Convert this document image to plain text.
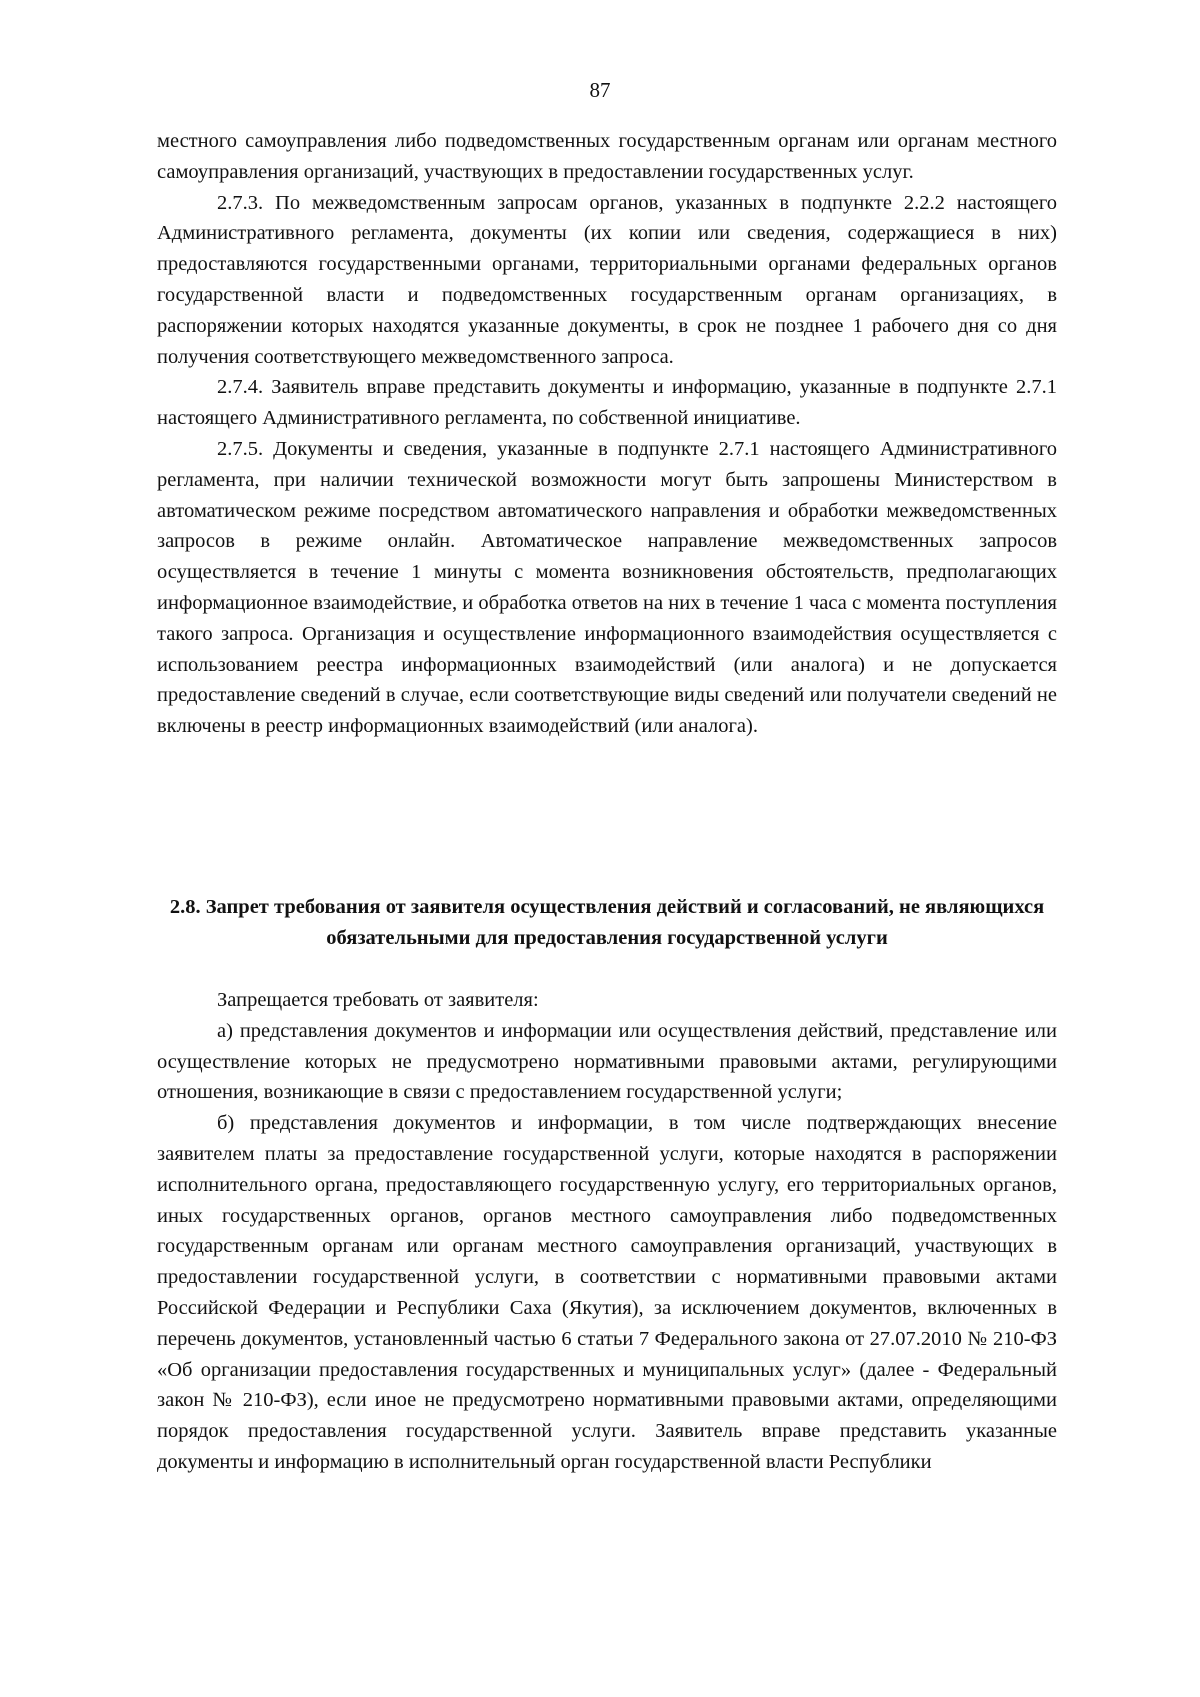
87

местного самоуправления либо подведомственных государственным органам или органам местного самоуправления организаций, участвующих в предоставлении государственных услуг.

2.7.3. По межведомственным запросам органов, указанных в подпункте 2.2.2 настоящего Административного регламента, документы (их копии или сведения, содержащиеся в них) предоставляются государственными органами, территориальными органами федеральных органов государственной власти и подведомственных государственным органам организациях, в распоряжении которых находятся указанные документы, в срок не позднее 1 рабочего дня со дня получения соответствующего межведомственного запроса.

2.7.4. Заявитель вправе представить документы и информацию, указанные в подпункте 2.7.1 настоящего Административного регламента, по собственной инициативе.

2.7.5. Документы и сведения, указанные в подпункте 2.7.1 настоящего Административного регламента, при наличии технической возможности могут быть запрошены Министерством в автоматическом режиме посредством автоматического направления и обработки межведомственных запросов в режиме онлайн. Автоматическое направление межведомственных запросов осуществляется в течение 1 минуты с момента возникновения обстоятельств, предполагающих информационное взаимодействие, и обработка ответов на них в течение 1 часа с момента поступления такого запроса. Организация и осуществление информационного взаимодействия осуществляется с использованием реестра информационных взаимодействий (или аналога) и не допускается предоставление сведений в случае, если соответствующие виды сведений или получатели сведений не включены в реестр информационных взаимодействий (или аналога).

2.8. Запрет требования от заявителя осуществления действий и согласований, не являющихся обязательными для предоставления государственной услуги

Запрещается требовать от заявителя:

а) представления документов и информации или осуществления действий, представление или осуществление которых не предусмотрено нормативными правовыми актами, регулирующими отношения, возникающие в связи с предоставлением государственной услуги;

б) представления документов и информации, в том числе подтверждающих внесение заявителем платы за предоставление государственной услуги, которые находятся в распоряжении исполнительного органа, предоставляющего государственную услугу, его территориальных органов, иных государственных органов, органов местного самоуправления либо подведомственных государственным органам или органам местного самоуправления организаций, участвующих в предоставлении государственной услуги, в соответствии с нормативными правовыми актами Российской Федерации и Республики Саха (Якутия), за исключением документов, включенных в перечень документов, установленный частью 6 статьи 7 Федерального закона от 27.07.2010 № 210-ФЗ «Об организации предоставления государственных и муниципальных услуг» (далее - Федеральный закон № 210-ФЗ), если иное не предусмотрено нормативными правовыми актами, определяющими порядок предоставления государственной услуги. Заявитель вправе представить указанные документы и информацию в исполнительный орган государственной власти Республики
